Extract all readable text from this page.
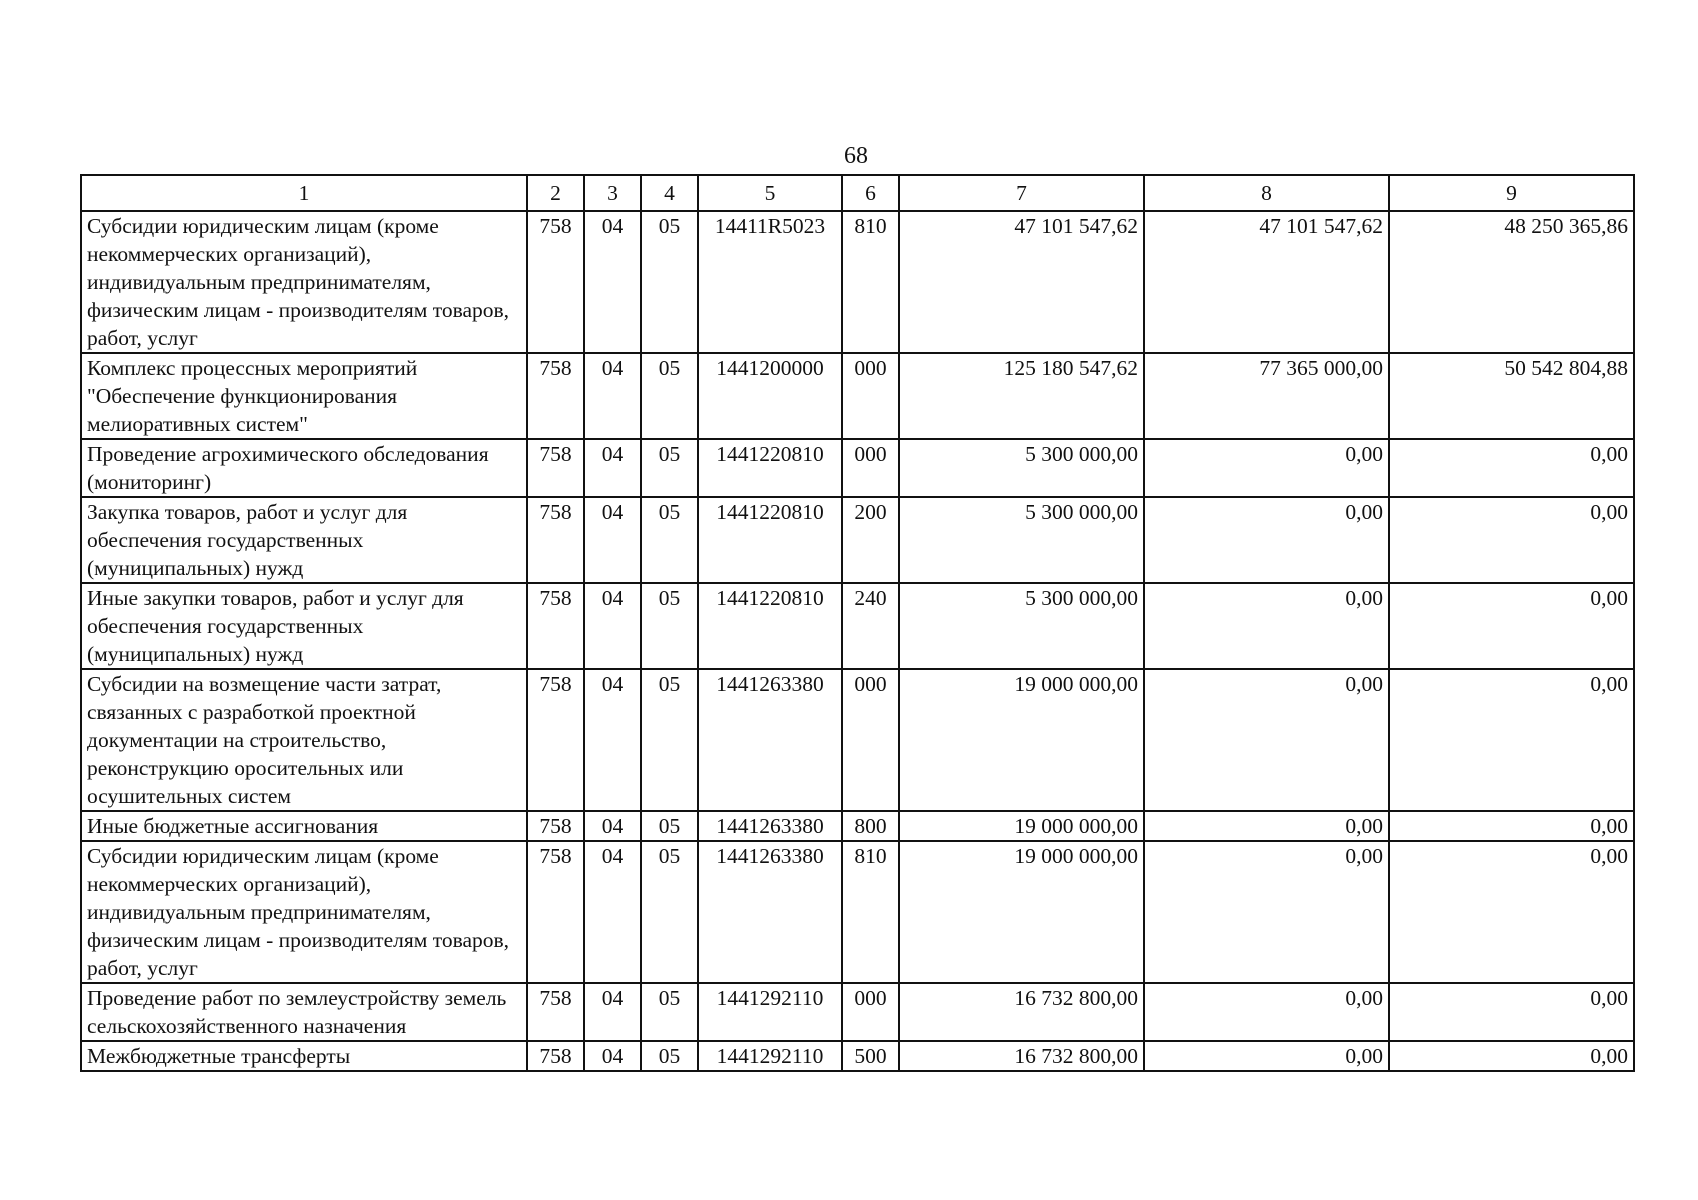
68
1	2	3	4	5	6	7	8	9
Субсидии юридическим лицам (кроме некоммерческих организаций), индивидуальным предпринимателям, физическим лицам - производителям товаров, работ, услуг	758	04	05	14411R5023	810	47 101 547,62	47 101 547,62	48 250 365,86
Комплекс процессных мероприятий "Обеспечение функционирования мелиоративных систем"	758	04	05	1441200000	000	125 180 547,62	77 365 000,00	50 542 804,88
Проведение агрохимического обследования (мониторинг)	758	04	05	1441220810	000	5 300 000,00	0,00	0,00
Закупка товаров, работ и услуг для обеспечения государственных (муниципальных) нужд	758	04	05	1441220810	200	5 300 000,00	0,00	0,00
Иные закупки товаров, работ и услуг для обеспечения государственных (муниципальных) нужд	758	04	05	1441220810	240	5 300 000,00	0,00	0,00
Субсидии на возмещение части затрат, связанных с разработкой проектной документации на строительство, реконструкцию оросительных или осушительных систем	758	04	05	1441263380	000	19 000 000,00	0,00	0,00
Иные бюджетные ассигнования	758	04	05	1441263380	800	19 000 000,00	0,00	0,00
Субсидии юридическим лицам (кроме некоммерческих организаций), индивидуальным предпринимателям, физическим лицам - производителям товаров, работ, услуг	758	04	05	1441263380	810	19 000 000,00	0,00	0,00
Проведение работ по землеустройству земель сельскохозяйственного назначения	758	04	05	1441292110	000	16 732 800,00	0,00	0,00
Межбюджетные трансферты	758	04	05	1441292110	500	16 732 800,00	0,00	0,00
